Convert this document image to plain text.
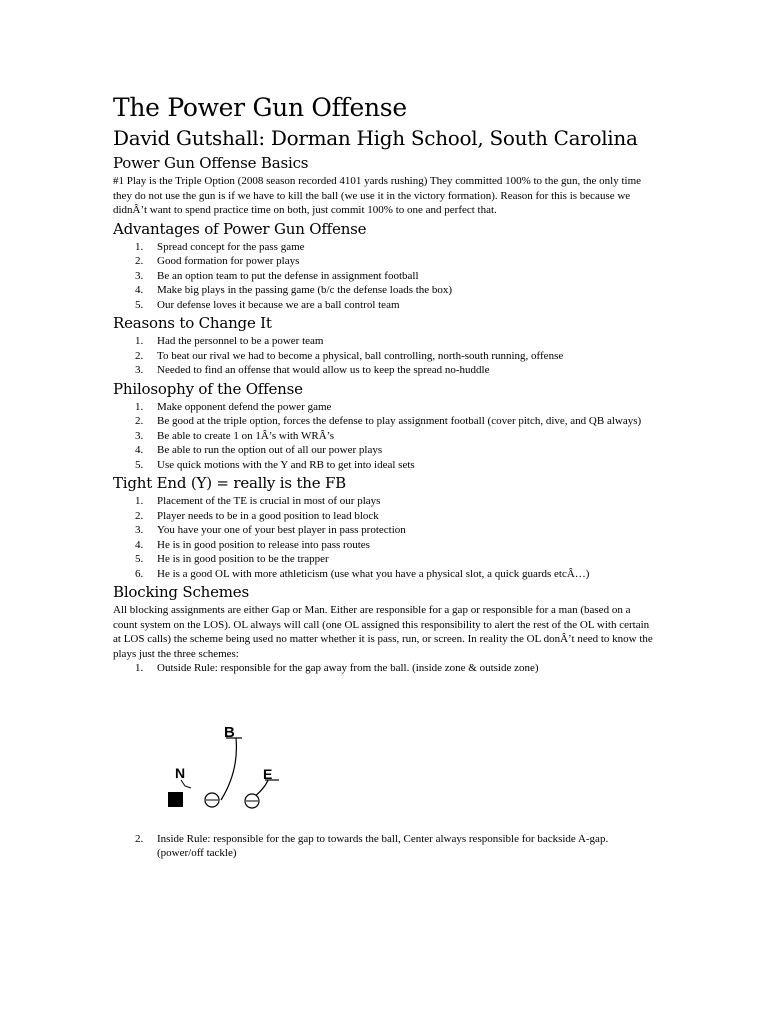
The Power Gun Offense
David Gutshall: Dorman High School, South Carolina
Power Gun Offense Basics

#1 Play is the Triple Option (2008 season recorded 4101 yards rushing) They committed 100% to the gun, the only time they do not use the gun is if we have to kill the ball (we use it in the victory formation). Reason for this is because we didnÂ’t want to spend practice time on both, just commit 100% to one and perfect that.

Advantages of Power Gun Offense
1.	Spread concept for the pass game
2.	Good formation for power plays
3.	Be an option team to put the defense in assignment football
4.	Make big plays in the passing game (b/c the defense loads the box)
5.	Our defense loves it because we are a ball control team
Reasons to Change It
1.	Had the personnel to be a power team
2.	To beat our rival we had to become a physical, ball controlling, north-south running, offense
3.	Needed to find an offense that would allow us to keep the spread no-huddle
Philosophy of the Offense
1.	Make opponent defend the power game
2.	Be good at the triple option, forces the defense to play assignment football (cover pitch, dive, and QB always)
3.	Be able to create 1 on 1Â’s with WRÂ’s
4.	Be able to run the option out of all our power plays
5.	Use quick motions with the Y and RB to get into ideal sets
Tight End (Y) = really is the FB
1.	Placement of the TE is crucial in most of our plays
2.	Player needs to be in a good position to lead block
3.	You have your one of your best player in pass protection
4.	He is in good position to release into pass routes
5.	He is in good position to be the trapper
6.	He is a good OL with more athleticism (use what you have a physical slot, a quick guards etcÂ…)
Blocking Schemes

All blocking assignments are either Gap or Man. Either are responsible for a gap or responsible for a man (based on a count system on the LOS). OL always will call (one OL assigned this responsibility to alert the rest of the OL with certain at LOS calls) the scheme being used no matter whether it is pass, run, or screen. In reality the OL donÂ’t need to know the plays just the three schemes:

1.	Outside Rule: responsible for the gap away from the ball. (inside zone & outside zone)
B
N	E
2.	Inside Rule: responsible for the gap to towards the ball, Center always responsible for backside A-gap. (power/off tackle)
